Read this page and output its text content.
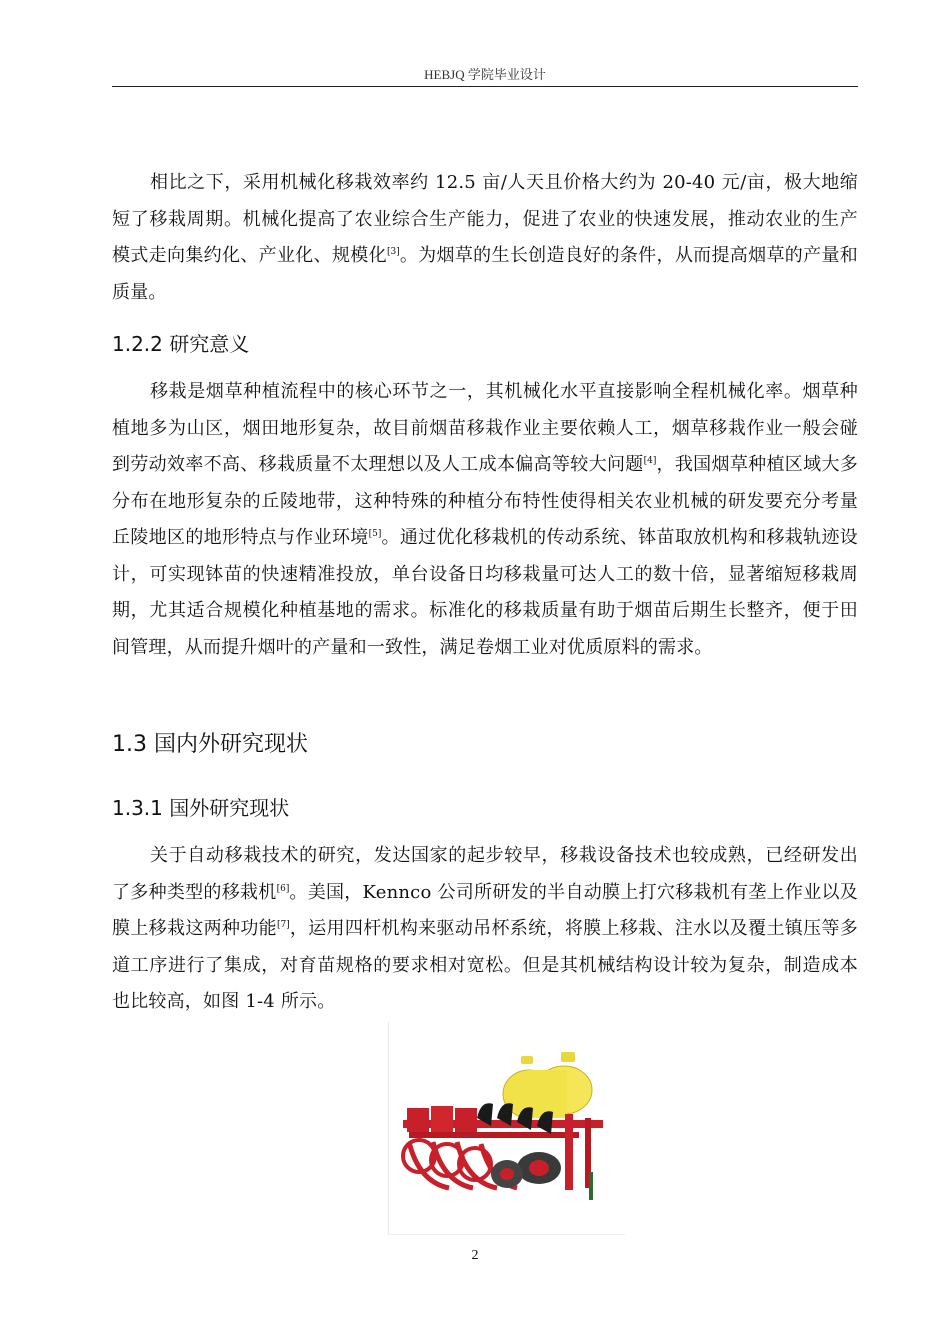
HEBJQ 学院毕业设计

相比之下，采用机械化移栽效率约 12.5 亩/人天且价格大约为 20-40 元/亩，极大地缩短了移栽周期。机械化提高了农业综合生产能力，促进了农业的快速发展，推动农业的生产模式走向集约化、产业化、规模化[3]。为烟草的生长创造良好的条件，从而提高烟草的产量和质量。

1.2.2 研究意义

移栽是烟草种植流程中的核心环节之一，其机械化水平直接影响全程机械化率。烟草种植地多为山区，烟田地形复杂，故目前烟苗移栽作业主要依赖人工，烟草移栽作业一般会碰到劳动效率不高、移栽质量不太理想以及人工成本偏高等较大问题[4]，我国烟草种植区域大多分布在地形复杂的丘陵地带，这种特殊的种植分布特性使得相关农业机械的研发要充分考量丘陵地区的地形特点与作业环境[5]。通过优化移栽机的传动系统、钵苗取放机构和移栽轨迹设计，可实现钵苗的快速精准投放，单台设备日均移栽量可达人工的数十倍，显著缩短移栽周期，尤其适合规模化种植基地的需求。标准化的移栽质量有助于烟苗后期生长整齐，便于田间管理，从而提升烟叶的产量和一致性，满足卷烟工业对优质原料的需求。

1.3 国内外研究现状
1.3.1 国外研究现状

关于自动移栽技术的研究，发达国家的起步较早，移栽设备技术也较成熟，已经研发出了多种类型的移栽机[6]。美国，Kennco 公司所研发的半自动膜上打穴移栽机有垄上作业以及膜上移栽这两种功能[7]，运用四杆机构来驱动吊杯系统，将膜上移栽、注水以及覆土镇压等多道工序进行了集成，对育苗规格的要求相对宽松。但是其机械结构设计较为复杂，制造成本也比较高，如图 1-4 所示。

2
